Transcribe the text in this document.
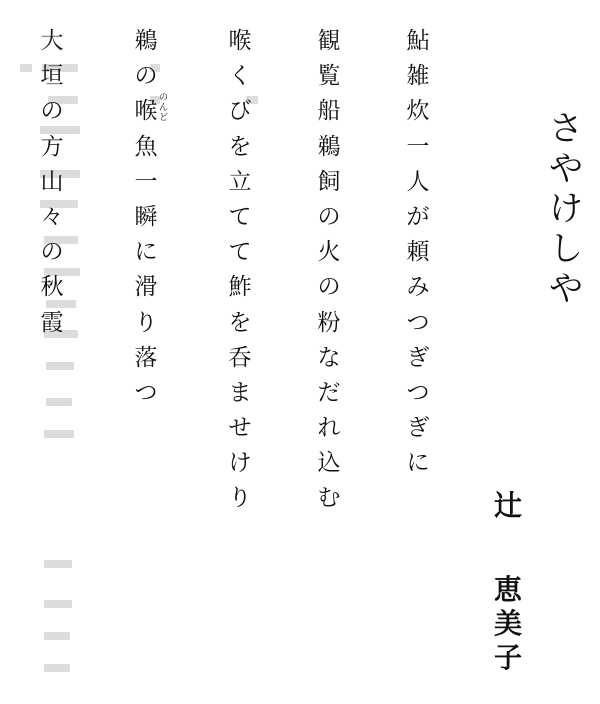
さ
や
け
し
や
辻
恵
美
子
鮎
雑
炊
一
人
が
頼
み
つ
ぎ
つ
ぎ
に
観
覧
船
鵜
飼
の
火
の
粉
な
だ
れ
込
む
喉
く
び
を
立
て
て
鮓
を
呑
ま
せ
け
り
鵜
の
喉 の
ん
ど
魚
一
瞬
に
滑
り
落
つ
大
垣
の
方
山
々
の
秋
霞
